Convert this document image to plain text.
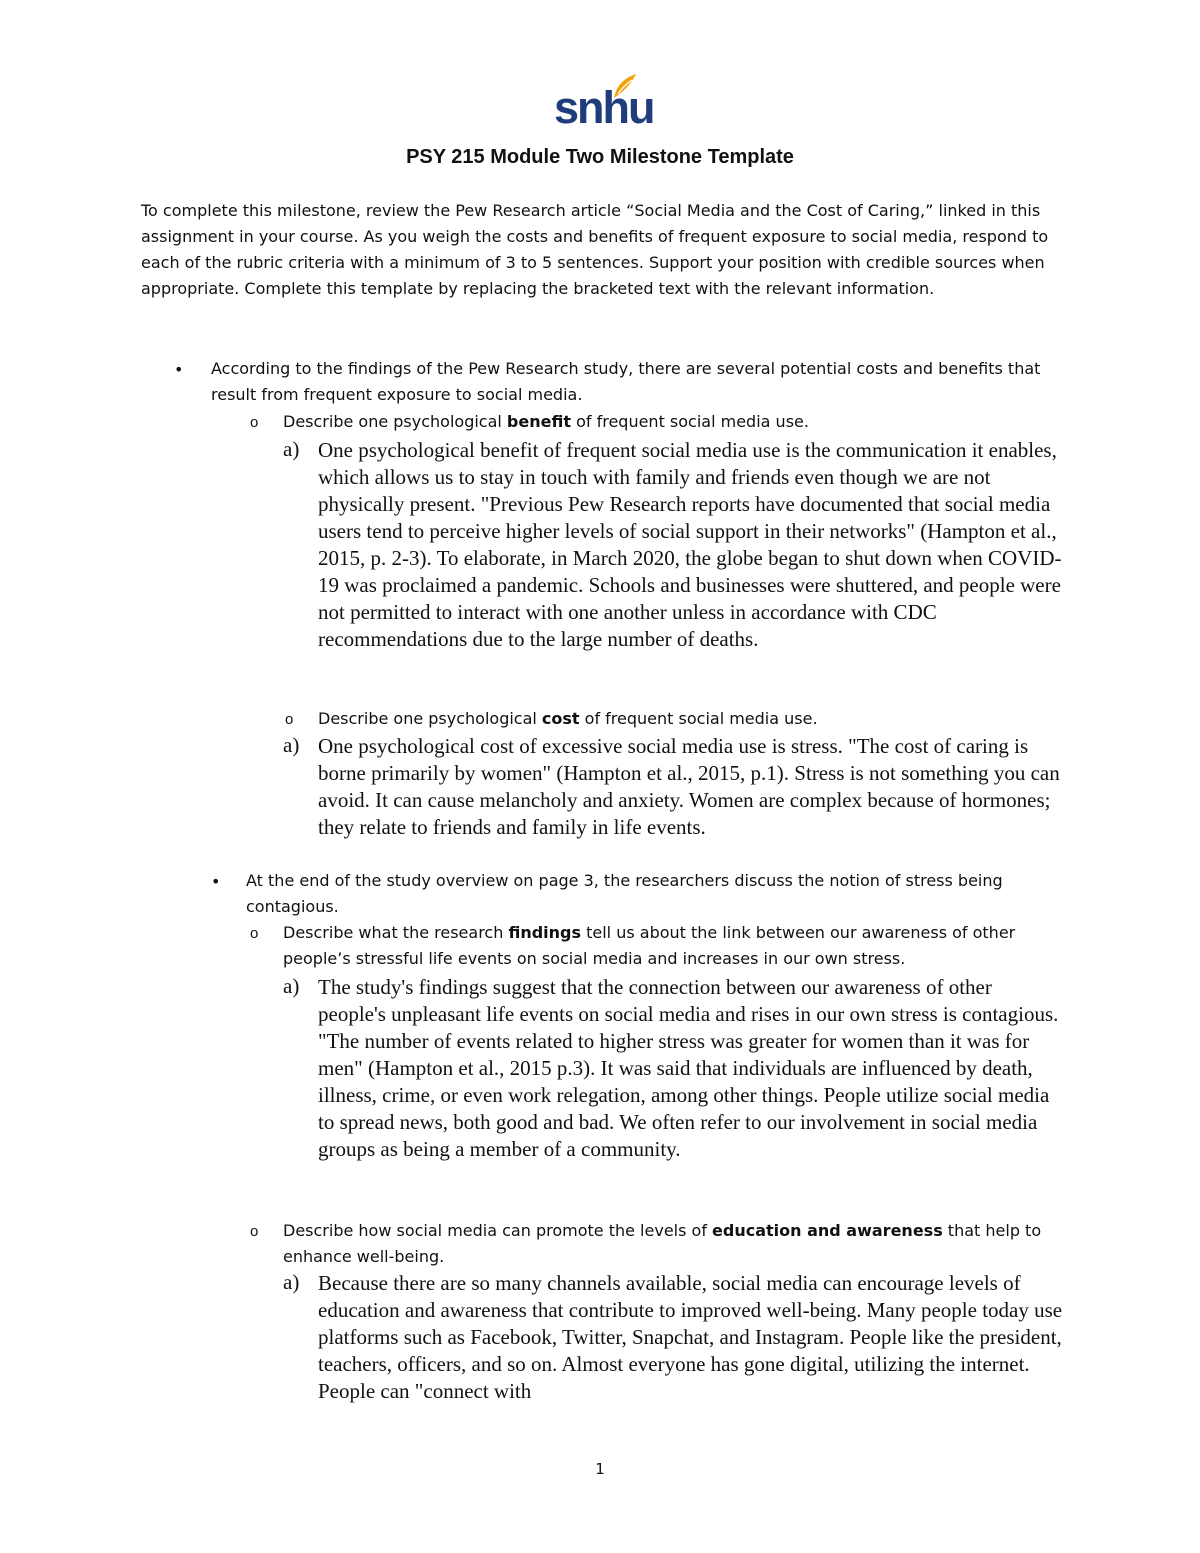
snhu
PSY 215 Module Two Milestone Template
To complete this milestone, review the Pew Research article “Social Media and the Cost of Caring,” linked in this assignment in your course. As you weigh the costs and benefits of frequent exposure to social media, respond to each of the rubric criteria with a minimum of 3 to 5 sentences. Support your position with credible sources when appropriate. Complete this template by replacing the bracketed text with the relevant information.
• According to the findings of the Pew Research study, there are several potential costs and benefits that result from frequent exposure to social media.
o Describe one psychological benefit of frequent social media use.
a) One psychological benefit of frequent social media use is the communication it enables, which allows us to stay in touch with family and friends even though we are not physically present. "Previous Pew Research reports have documented that social media users tend to perceive higher levels of social support in their networks" (Hampton et al., 2015, p. 2-3). To elaborate, in March 2020, the globe began to shut down when COVID-19 was proclaimed a pandemic. Schools and businesses were shuttered, and people were not permitted to interact with one another unless in accordance with CDC recommendations due to the large number of deaths.
o Describe one psychological cost of frequent social media use.
a) One psychological cost of excessive social media use is stress. "The cost of caring is borne primarily by women" (Hampton et al., 2015, p.1). Stress is not something you can avoid. It can cause melancholy and anxiety. Women are complex because of hormones; they relate to friends and family in life events.
• At the end of the study overview on page 3, the researchers discuss the notion of stress being contagious.
o Describe what the research findings tell us about the link between our awareness of other people’s stressful life events on social media and increases in our own stress.
a) The study's findings suggest that the connection between our awareness of other people's unpleasant life events on social media and rises in our own stress is contagious. "The number of events related to higher stress was greater for women than it was for men" (Hampton et al., 2015 p.3). It was said that individuals are influenced by death, illness, crime, or even work relegation, among other things. People utilize social media to spread news, both good and bad. We often refer to our involvement in social media groups as being a member of a community.
o Describe how social media can promote the levels of education and awareness that help to enhance well-being.
a) Because there are so many channels available, social media can encourage levels of education and awareness that contribute to improved well-being. Many people today use platforms such as Facebook, Twitter, Snapchat, and Instagram. People like the president, teachers, officers, and so on. Almost everyone has gone digital, utilizing the internet. People can "connect with
1
